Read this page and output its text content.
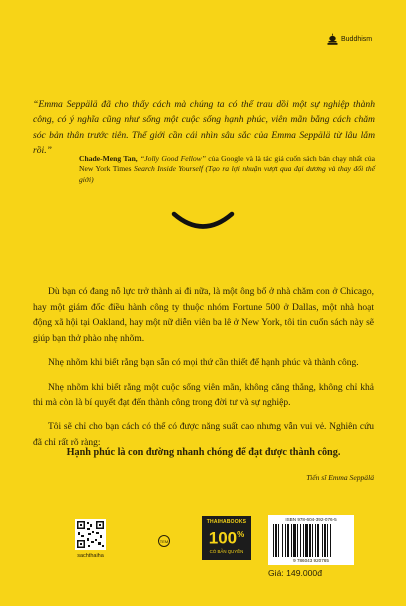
Buddhism

“Emma Seppälä đã cho thấy cách mà chúng ta có thể trau dồi một sự nghiệp thành công, có ý nghĩa cũng như sống một cuộc sống hạnh phúc, viên mãn bằng cách chăm sóc bản thân trước tiên. Thế giới cần cái nhìn sâu sắc của Emma Seppälä từ lâu lắm rồi.”

Chade-Meng Tan, “Jolly Good Fellow” của Google và là tác giả cuốn sách bán chạy nhất của New York Times Search Inside Yourself (Tạo ra lợi nhuận vượt qua đại dương và thay đổi thế giới)

Dù bạn có đang nỗ lực trở thành ai đi nữa, là một ông bố ở nhà chăm con ở Chicago, hay một giám đốc điều hành công ty thuộc nhóm Fortune 500 ở Dallas, một nhà hoạt động xã hội tại Oakland, hay một nữ diễn viên ba lê ở New York, tôi tin cuốn sách này sẽ giúp bạn thở phào nhẹ nhõm.

Nhẹ nhõm khi biết rằng bạn sẵn có mọi thứ cần thiết để hạnh phúc và thành công.

Nhẹ nhõm khi biết rằng một cuộc sống viên mãn, không căng thẳng, không chỉ khả thi mà còn là bí quyết đạt đến thành công trong đời tư và sự nghiệp.

Tôi sẽ chỉ cho bạn cách có thể có được năng suất cao nhưng vẫn vui vẻ. Nghiên cứu đã chỉ rất rõ ràng:

Hạnh phúc là con đường nhanh chóng để đạt được thành công.
Tiến sĩ Emma Seppälä
sachthaiha
TEM
THAIHABOOKS
100%
CÓ BẢN QUYỀN
ISBN 978-604-392-076-5
9 786043 920765
Giá: 149.000đ
